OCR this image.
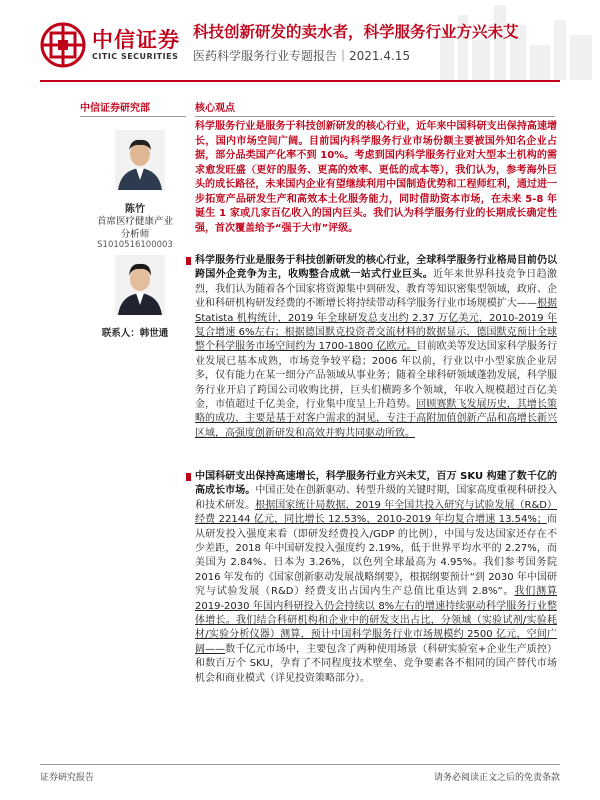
中信证券
CITIC SECURITIES
科技创新研发的卖水者，科学服务行业方兴未艾
医药科学服务行业专题报告｜2021.4.15
中信证券研究部
陈竹
首席医疗健康产业
分析师
S1010516100003
联系人：韩世通
核心观点
科学服务行业是服务于科技创新研发的核心行业，近年来中国科研支出保持高速增长，国内市场空间广阔。目前国内科学服务行业市场份额主要被国外知名企业占据，部分品类国产化率不到 10%。考虑到国内科学服务行业对大型本土机构的需求愈发旺盛（更好的服务、更高的效率、更低的成本等），我们认为，参考海外巨头的成长路径，未来国内企业有望继续利用中国制造优势和工程师红利，通过进一步拓宽产品研发生产和高效本土化服务能力，同时借助资本市场，在未来 5-8 年诞生 1 家或几家百亿收入的国内巨头。我们认为科学服务行业的长期成长确定性强，首次覆盖给予“强于大市”评级。
科学服务行业是服务于科技创新研发的核心行业，全球科学服务行业格局目前仍以跨国外企竞争为主，收购整合成就一站式行业巨头。近年来世界科技竞争日趋激烈，我们认为随着各个国家将资源集中到研发、教育等知识密集型领域，政府、企业和科研机构研发经费的不断增长将持续带动科学服务行业市场规模扩大——根据 Statista 机构统计，2019 年全球研发总支出约 2.37 万亿美元，2010-2019 年复合增速 6%左右；根据德国默克投资者交流材料的数据显示，德国默克预计全球整个科学服务市场空间约为 1700-1800 亿欧元。目前欧美等发达国家科学服务行业发展已基本成熟，市场竞争较平稳；2006 年以前，行业以中小型家族企业居多，仅有能力在某一细分产品领域从事业务；随着全球科研领域蓬勃发展，科学服务行业开启了跨国公司收购比拼，巨头们横跨多个领域，年收入规模超过百亿美金，市值超过千亿美金，行业集中度呈上升趋势。回顾赛默飞发展历史，其增长策略的成功，主要是基于对客户需求的洞见，专注于高附加值创新产品和高增长新兴区域，高强度创新研发和高效并购共同驱动所致。
中国科研支出保持高速增长，科学服务行业方兴未艾，百万 SKU 构建了数千亿的高成长市场。中国正处在创新驱动、转型升级的关键时期，国家高度重视科研投入和技术研发。根据国家统计局数据，2019 年全国共投入研究与试验发展（R&D）经费 22144 亿元，同比增长 12.53%，2010-2019 年均复合增速 13.54%；而从研发投入强度来看（即研发经费投入/GDP 的比例），中国与发达国家还存在不少差距，2018 年中国研发投入强度约 2.19%，低于世界平均水平的 2.27%，而美国为 2.84%、日本为 3.26%，以色列全球最高为 4.95%。我们参考国务院 2016 年发布的《国家创新驱动发展战略纲要》，根据纲要预计“到 2030 年中国研究与试验发展（R&D）经费支出占国内生产总值比重达到 2.8%”。我们测算 2019-2030 年国内科研投入仍会持续以 8%左右的增速持续驱动科学服务行业整体增长。我们结合科研机构和企业中的研发支出占比，分领域（实验试剂/实验耗材/实验分析仪器）测算，预计中国科学服务行业市场规模约 2500 亿元，空间广阔——数千亿元市场中，主要包含了两种使用场景（科研实验室+企业生产质控）和数百万个 SKU，孕育了不同程度技术壁垒、竞争要素各不相同的国产替代市场机会和商业模式（详见投资策略部分）。
证券研究报告	请务必阅读正文之后的免责条款
